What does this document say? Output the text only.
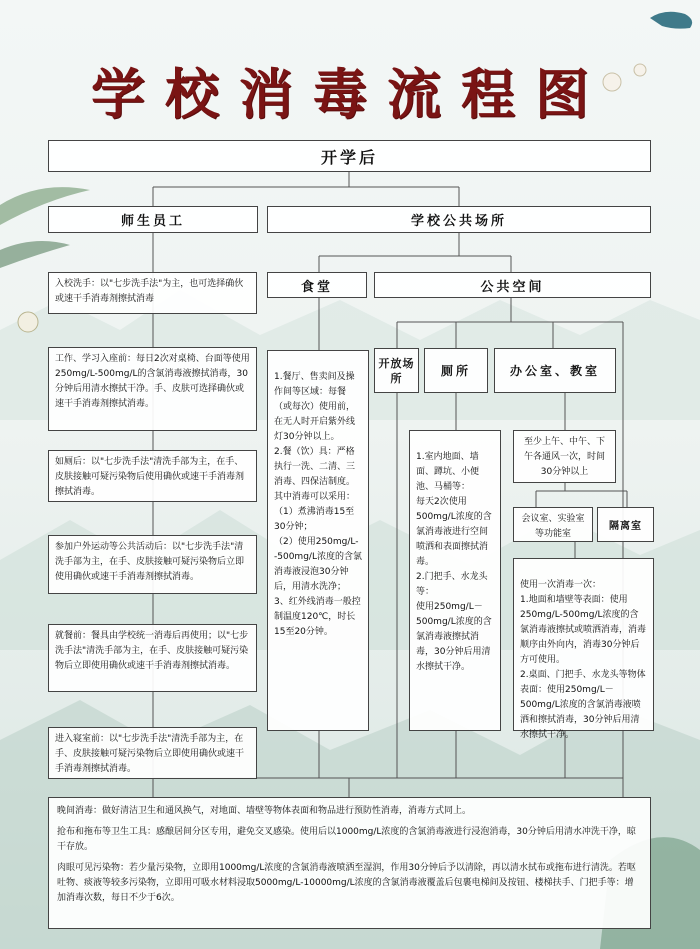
学校消毒流程图
开学后
师生员工	学校公共场所
入校洗手：以"七步洗手法"为主，也可选择确伙或速干手消毒剂擦拭消毒
工作、学习入座前：每日2次对桌椅、台面等使用250mg/L-500mg/L的含氯消毒液擦拭消毒，30分钟后用清水擦拭干净。手、皮肤可选择确伙或速干手消毒剂擦拭消毒。
如厕后：以"七步洗手法"清洗手部为主，在手、皮肤接触可疑污染物后使用确伙或速干手消毒剂擦拭消毒。
参加户外运动等公共活动后：以"七步洗手法"清洗手部为主，在手、皮肤接触可疑污染物后立即使用确伙或速干手消毒剂擦拭消毒。
就餐前：餐具由学校统一消毒后再使用；以"七步洗手法"清洗手部为主，在手、皮肤接触可疑污染物后立即使用确伙或速干手消毒剂擦拭消毒。
进入寝室前：以"七步洗手法"清洗手部为主，在手、皮肤接触可疑污染物后立即使用确伙或速干手消毒剂擦拭消毒。
食堂	公共空间

1.餐厅、售卖间及操作间等区域：每餐（或每次）使用前，在无人时开启紫外线灯30分钟以上。
2.餐（饮）具：严格执行一洗、二清、三消毒、四保洁制度。其中消毒可以采用：
（1）煮沸消毒15至30分钟；
（2）使用250mg/L--500mg/L浓度的含氯消毒液浸泡30分钟后，用清水洗净；
3、红外线消毒一般控制温度120℃，时长15至20分钟。

开放场所	厕所	办公室、教室

1.室内地面、墙面、蹲坑、小便池、马桶等：
每天2次使用500mg/L浓度的含氯消毒液进行空间喷洒和表面擦拭消毒。
2.门把手、水龙头等：
使用250mg/L－500mg/L浓度的含氯消毒液擦拭消毒，30分钟后用清水擦拭干净。

至少上午、中午、下午各通风一次，时间30分钟以上
会议室、实验室等功能室
隔离室

使用一次消毒一次：
1.地面和墙壁等表面：使用250mg/L-500mg/L浓度的含氯消毒液擦拭或喷洒消毒，消毒顺序由外向内，消毒30分钟后方可使用。
2.桌面、门把手、水龙头等物体表面：使用250mg/L－500mg/L浓度的含氯消毒液喷洒和擦拭消毒，30分钟后用清水擦拭干净。

晚间消毒：做好清洁卫生和通风换气，对地面、墙壁等物体表面和物品进行预防性消毒，消毒方式同上。
抢布和拖布等卫生工具：感酿居间分区专用，避免交叉感染。使用后以1000mg/L浓度的含氯消毒液进行浸泡消毒，30分钟后用清水冲洗干净，晾干存放。
肉眼可见污染物：若少量污染物，立即用1000mg/L浓度的含氯消毒液喷洒至湿润，作用30分钟后予以清除，再以清水拭布或拖布进行清洗。若呕吐物、痰液等较多污染物，立即用可吸水材料浸取5000mg/L-10000mg/L浓度的含氯消毒液覆盖后包裹电梯间及按钮、楼梯扶手、门把手等：增加消毒次数，每日不少于6次。
